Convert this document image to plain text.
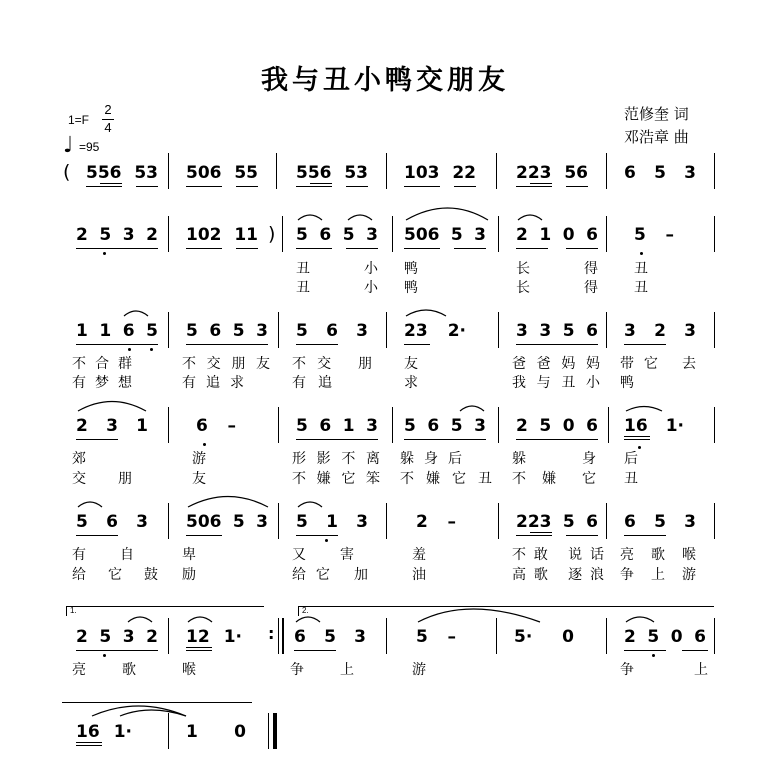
我与丑小鸭交朋友
范修奎 词
邓浩章 曲
1=F
2
4
♩ =95
( 556 53 506 55 556 53 103 22 223 56 6 5 3
2 5 3 2 102 11 5 6 5 3 506 5 3 2 1 0 6 5 –
)
丑 小 鸭	长 得	丑
丑 小 鸭	长 得	丑
1 1 6 5 5 6 5 3 5 6 3 23 2·	3 3 5 6 3 2 3
不合群	不交朋友 不交 朋 友	爸爸妈妈 带它 去
有梦想	有追求	有追	求	我与丑小 鸭
2 3 1	6 –	5 6 1 3 5 6 5 3 2 5 0 6 16 1·
郊	游	形影不离 躲身后	躲	身 后
交 朋	友	不嫌它笨 不嫌它丑 不嫌 它 丑
5 6 3 506 5 3 5 1 3	2 –	223 5 6 6 5 3
有 自	卑	又 害	羞	不敢 说话 亮 歌 喉
给它鼓 励	给它 加	油	高歌 逐浪 争 上 游
1.	2.
2 5 3 2 12 1·	6 5 3	5 –	5· 0	2 5 0 6
:
亮 歌	喉	争 上	游	争 上
16 1·	1 0
